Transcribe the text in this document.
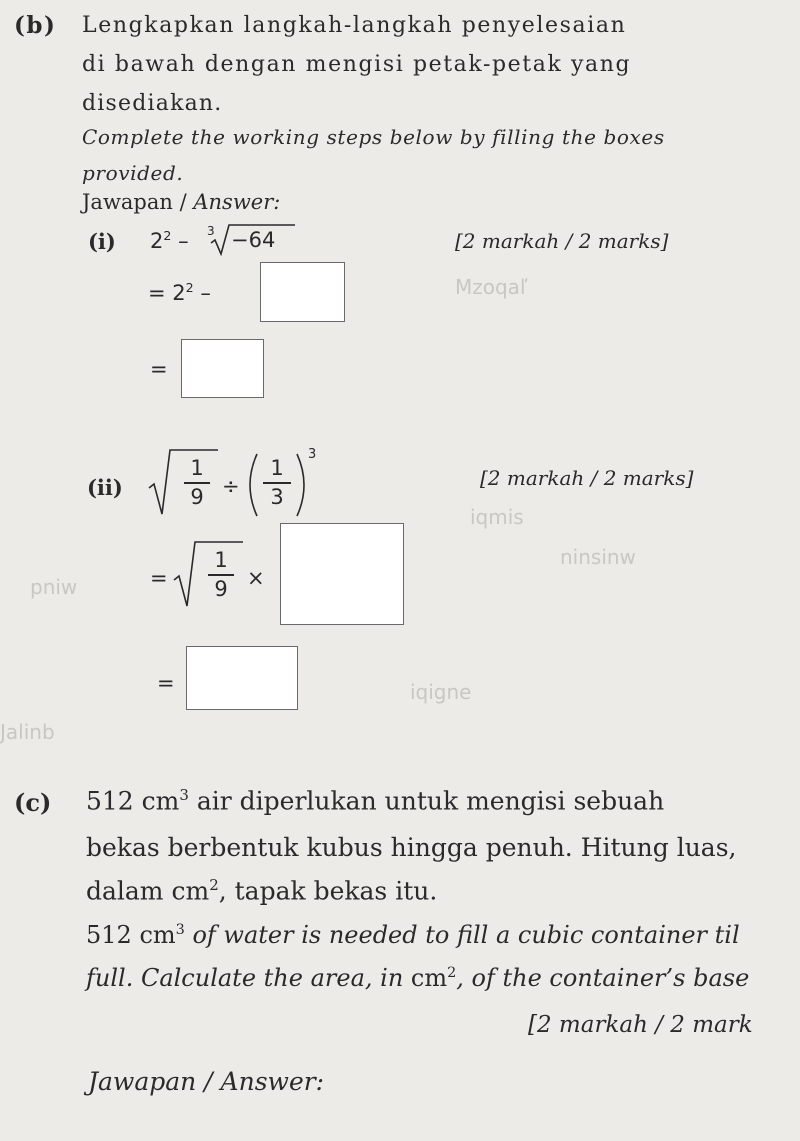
Mzoqaľ
iqmis
ninsinw
pniw
iqigne
Jalinb
(b) Lengkapkan langkah-langkah penyelesaian
di bawah dengan mengisi petak-petak yang
disediakan.
Complete the working steps below by filling the boxes
provided.
Jawapan / Answer:
(i) $2^2 - 3 -64$	[2 markah / 2 marks]
= $2^2$ –
=
(ii)
1
9 ÷
1
3
3
[2 markah / 2 marks]
=
1
9 ×
=
(c) 512 $cm^3$ air diperlukan untuk mengisi sebuah
bekas berbentuk kubus hingga penuh. Hitung luas,
dalam $cm^2$, tapak bekas itu.
512 $cm^3$ of water is needed to fill a cubic container til
full. Calculate the area, in $cm^2$, of the container’s base
[2 markah / 2 mark
Jawapan / Answer:
